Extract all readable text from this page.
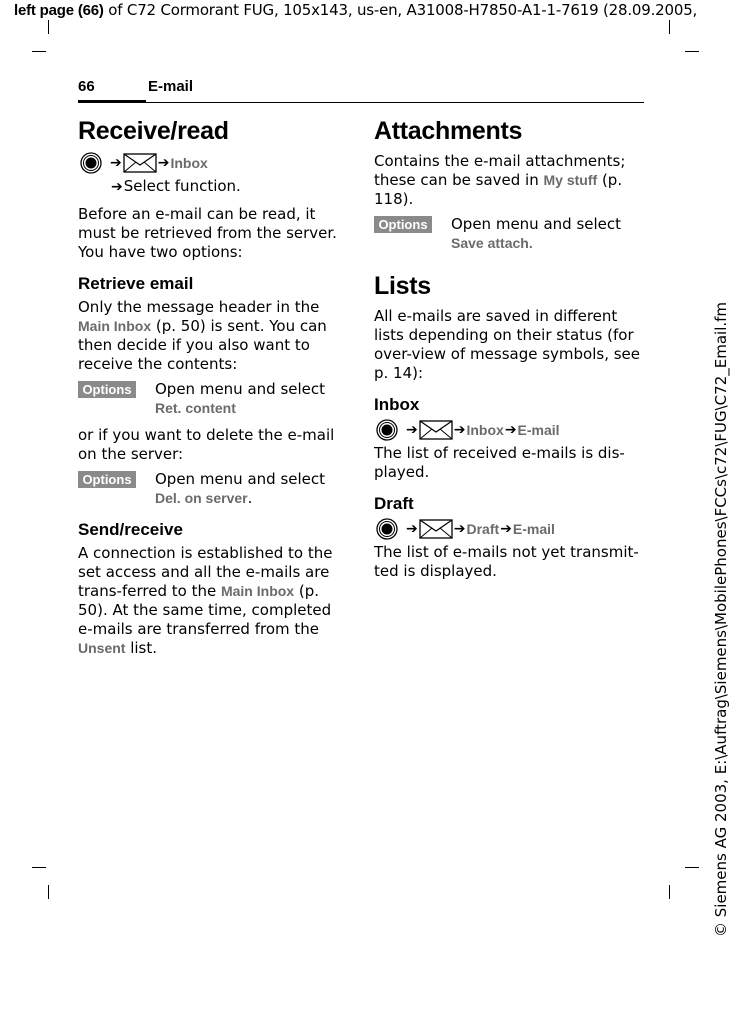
left page (66) of C72 Cormorant FUG, 105x143, us-en, A31008-H7850-A1-1-7619 (28.09.2005,
© Siemens AG 2003, E:\Auftrag\Siemens\MobilePhones\FCCs\c72\FUG\C72_Email.fm
66	E-mail
Receive/read
➔	➔ Inbox
➔Select function.

Before an e-mail can be read, it must be retrieved from the server. You have two options:

Retrieve email

Only the message header in the Main Inbox (p. 50) is sent. You can then decide if you also want to receive the contents:

Options Open menu and select Ret. content

or if you want to delete the e-mail on the server:

Options Open menu and select Del. on server.
Send/receive

A connection is established to the set access and all the e-mails are trans-ferred to the Main Inbox (p. 50). At the same time, completed e-mails are transferred from the Unsent list.

Attachments

Contains the e-mail attachments; these can be saved in My stuff (p. 118).

Options Open menu and select Save attach.
Lists

All e-mails are saved in different lists depending on their status (for over-view of message symbols, see p. 14):

Inbox
➔	➔ Inbox ➔ E-mail

The list of received e-mails is dis-played.

Draft
➔	➔ Draft ➔ E-mail

The list of e-mails not yet transmit-ted is displayed.
